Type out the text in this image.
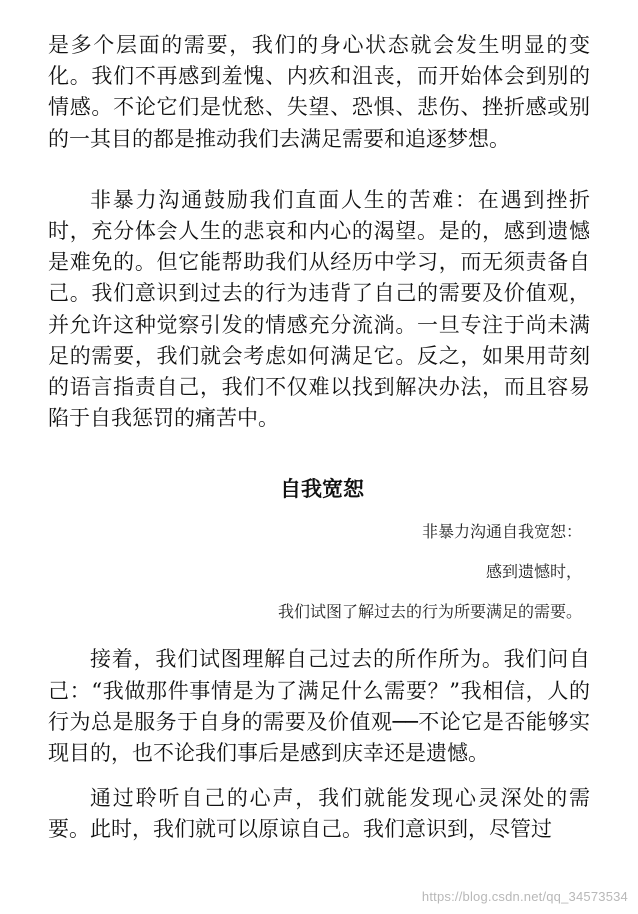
是多个层面的需要，我们的身心状态就会发生明显的变化。我们不再感到羞愧、内疚和沮丧，而开始体会到别的情感。不论它们是忧愁、失望、恐惧、悲伤、挫折感或别的一其目的都是推动我们去满足需要和追逐梦想。

非暴力沟通鼓励我们直面人生的苦难：在遇到挫折时，充分体会人生的悲哀和内心的渴望。是的，感到遗憾是难免的。但它能帮助我们从经历中学习，而无须责备自己。我们意识到过去的行为违背了自己的需要及价值观，并允许这种觉察引发的情感充分流淌。一旦专注于尚未满足的需要，我们就会考虑如何满足它。反之，如果用苛刻的语言指责自己，我们不仅难以找到解决办法，而且容易陷于自我惩罚的痛苦中。

自我宽恕

非暴力沟通自我宽恕：

感到遗憾时，

我们试图了解过去的行为所要满足的需要。

接着，我们试图理解自己过去的所作所为。我们问自己：“我做那件事情是为了满足什么需要？”我相信，人的行为总是服务于自身的需要及价值观──不论它是否能够实现目的，也不论我们事后是感到庆幸还是遗憾。

通过聆听自己的心声，我们就能发现心灵深处的需要。此时，我们就可以原谅自己。我们意识到，尽管过

https://blog.csdn.net/qq_34573534
